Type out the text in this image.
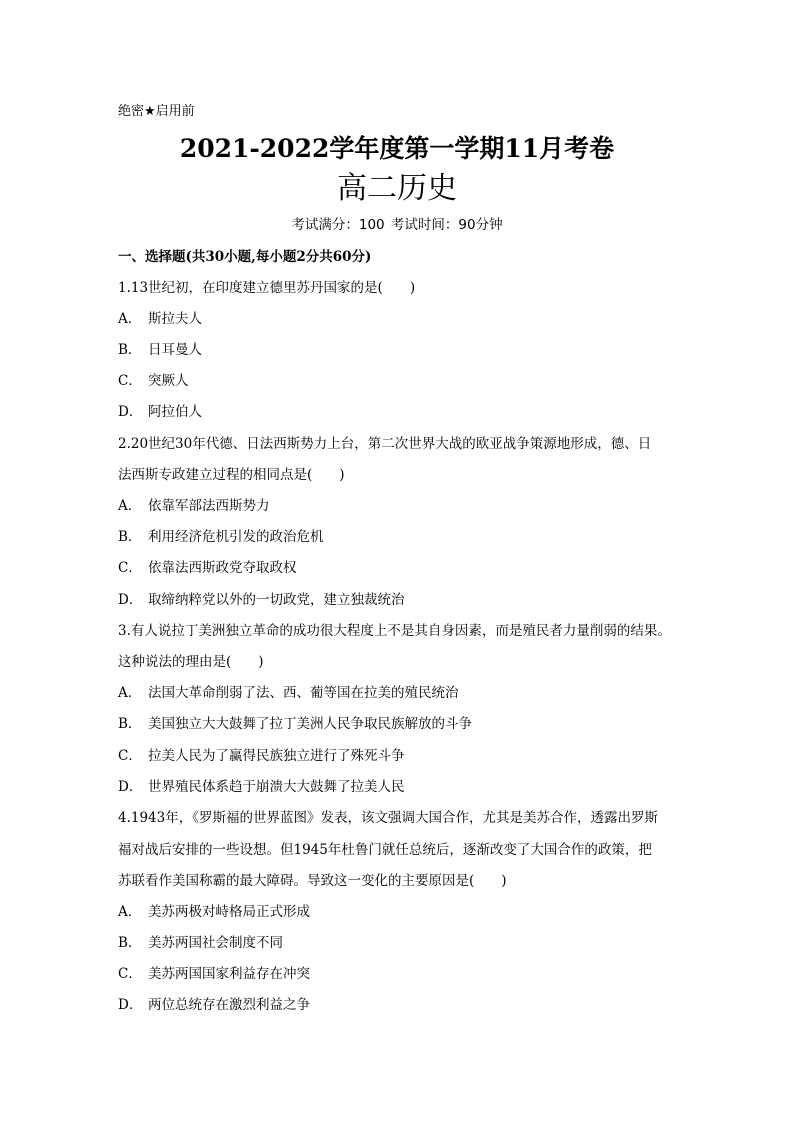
绝密★启用前
2021-2022学年度第一学期11月考卷
高二历史
考试满分：100 考试时间：90分钟
一、选择题(共30小题,每小题2分共60分)
1.13世纪初，在印度建立德里苏丹国家的是(　　)
A． 斯拉夫人
B． 日耳曼人
C． 突厥人
D． 阿拉伯人
2.20世纪30年代德、日法西斯势力上台，第二次世界大战的欧亚战争策源地形成，德、日
法西斯专政建立过程的相同点是(　　)
A． 依靠军部法西斯势力
B． 利用经济危机引发的政治危机
C． 依靠法西斯政党夺取政权
D． 取缔纳粹党以外的一切政党，建立独裁统治
3.有人说拉丁美洲独立革命的成功很大程度上不是其自身因素，而是殖民者力量削弱的结果。
这种说法的理由是(　　)
A． 法国大革命削弱了法、西、葡等国在拉美的殖民统治
B． 美国独立大大鼓舞了拉丁美洲人民争取民族解放的斗争
C． 拉美人民为了赢得民族独立进行了殊死斗争
D． 世界殖民体系趋于崩溃大大鼓舞了拉美人民
4.1943年，《罗斯福的世界蓝图》发表，该文强调大国合作，尤其是美苏合作，透露出罗斯
福对战后安排的一些设想。但1945年杜鲁门就任总统后，逐渐改变了大国合作的政策，把
苏联看作美国称霸的最大障碍。导致这一变化的主要原因是(　　)
A． 美苏两极对峙格局正式形成
B． 美苏两国社会制度不同
C． 美苏两国国家利益存在冲突
D． 两位总统存在激烈利益之争
